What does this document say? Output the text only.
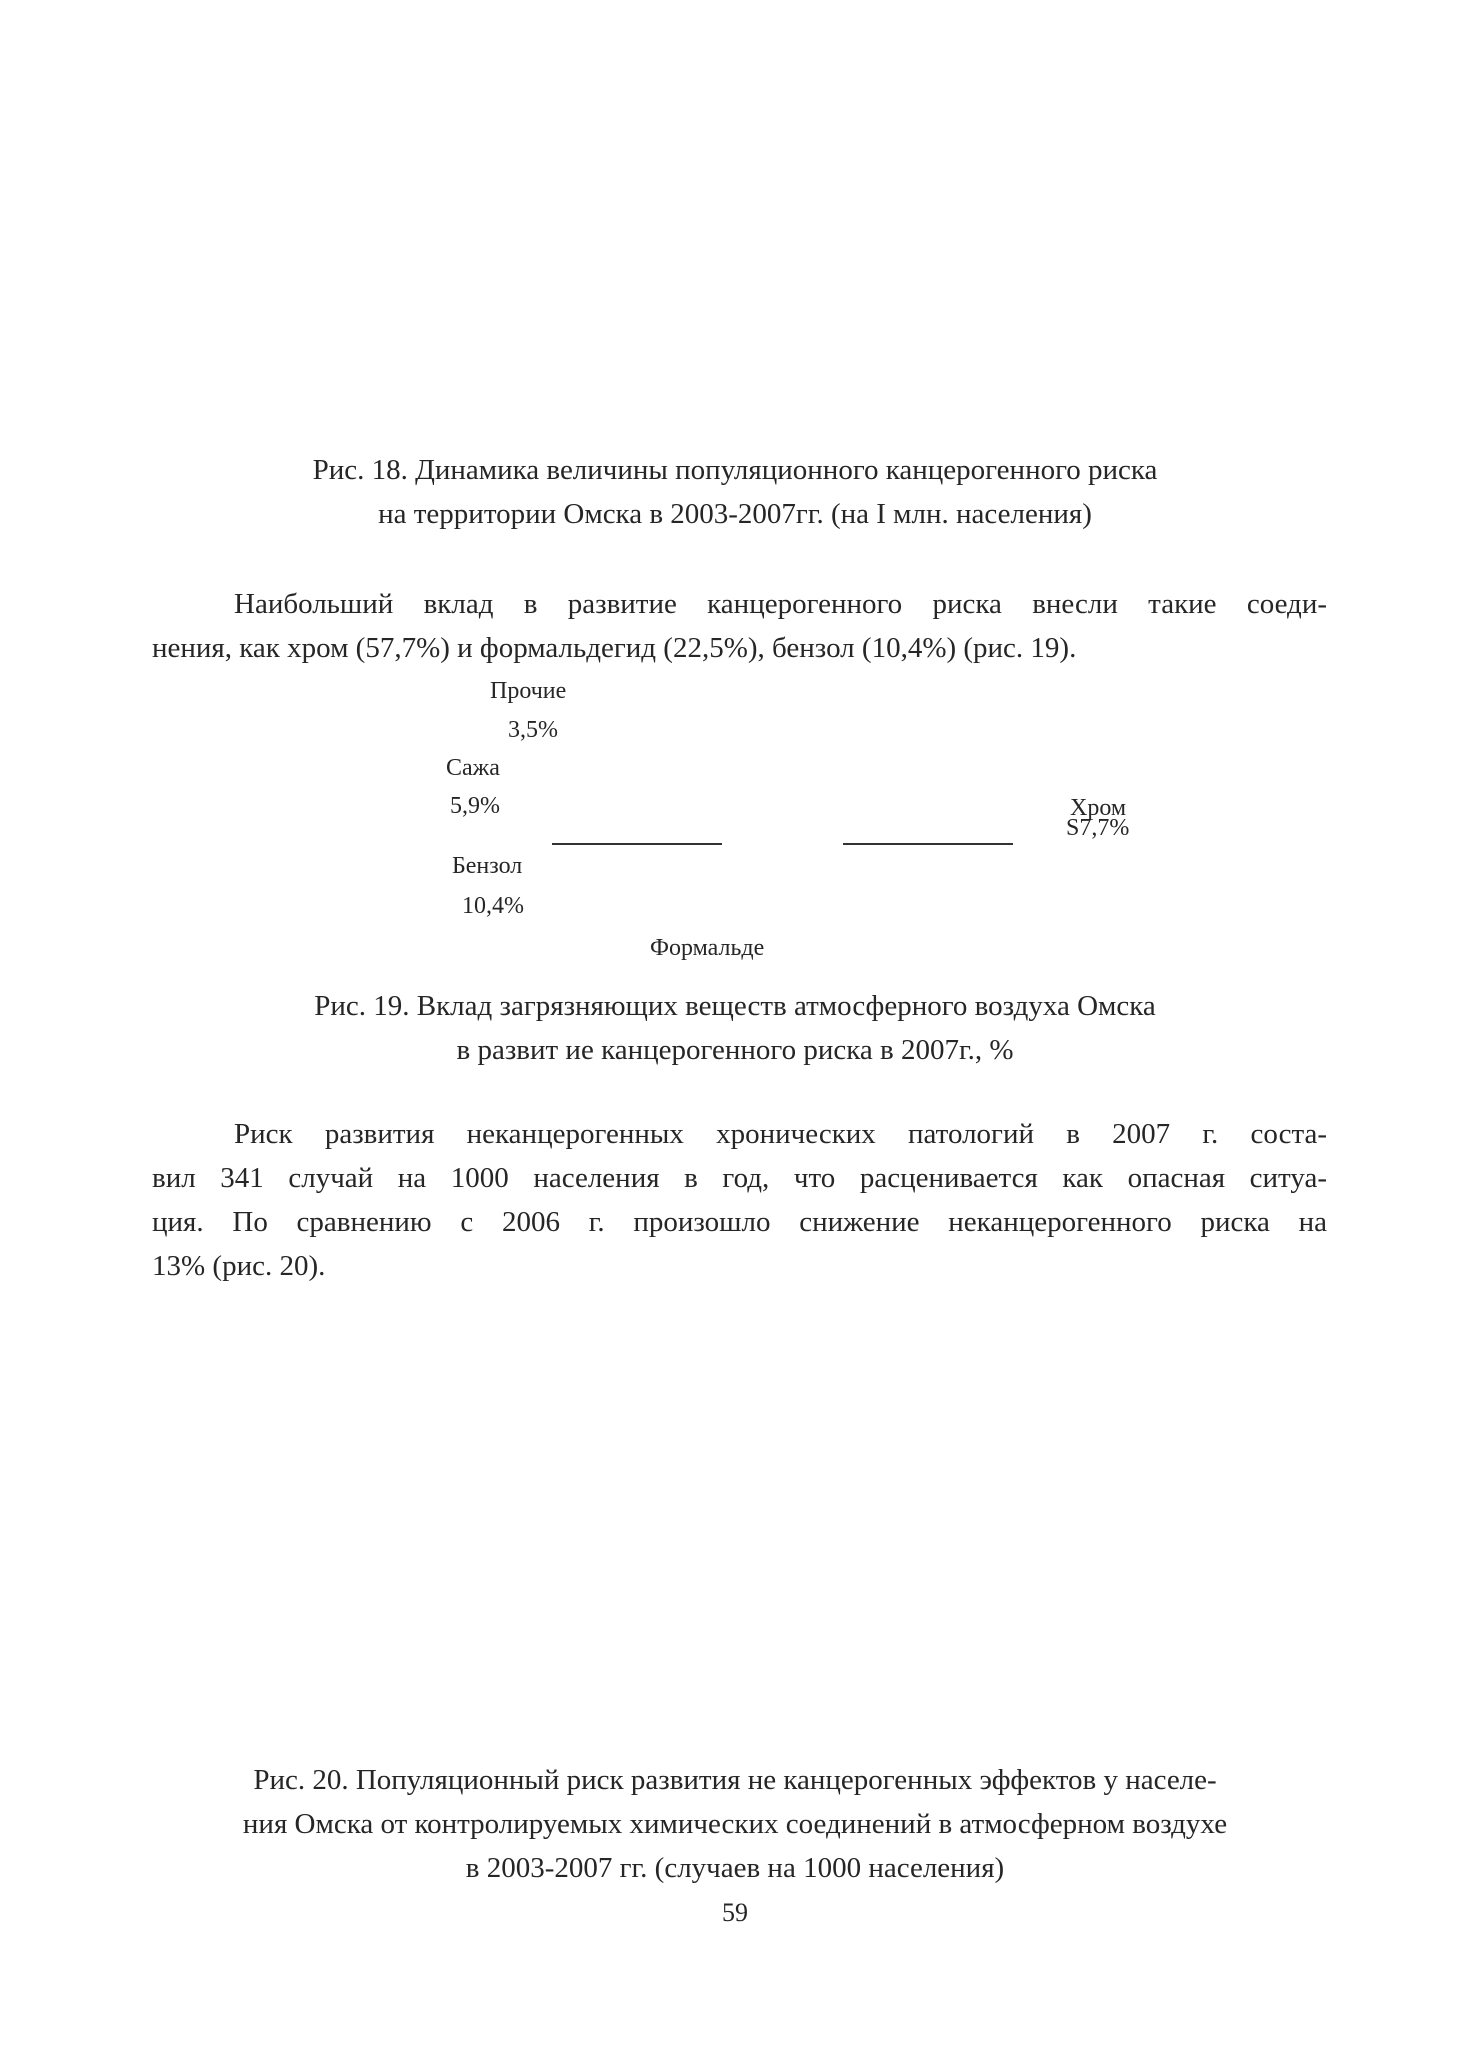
Рис. 18. Динамика величины популяционного канцерогенного риска
на территории Омска в 2003-2007гг. (на I млн. населения)
Наибольший вклад в развитие канцерогенного риска внесли такие соеди-
нения, как хром (57,7%) и формальдегид (22,5%), бензол (10,4%) (рис. 19).
Прочие
3,5%
Сажа
5,9%	Хром
S7,7%
Бензол
10,4%
Формальде
Рис. 19. Вклад загрязняющих веществ атмосферного воздуха Омска
в развит ие канцерогенного риска в 2007г., %
Риск развития неканцерогенных хронических патологий в 2007 г. соста-
вил 341 случай на 1000 населения в год, что расценивается как опасная ситуа-
ция. По сравнению с 2006 г. произошло снижение неканцерогенного риска на
13% (рис. 20).
Рис. 20. Популяционный риск развития не канцерогенных эффектов у населе-
ния Омска от контролируемых химических соединений в атмосферном воздухе
в 2003-2007 гг. (случаев на 1000 населения)
59
